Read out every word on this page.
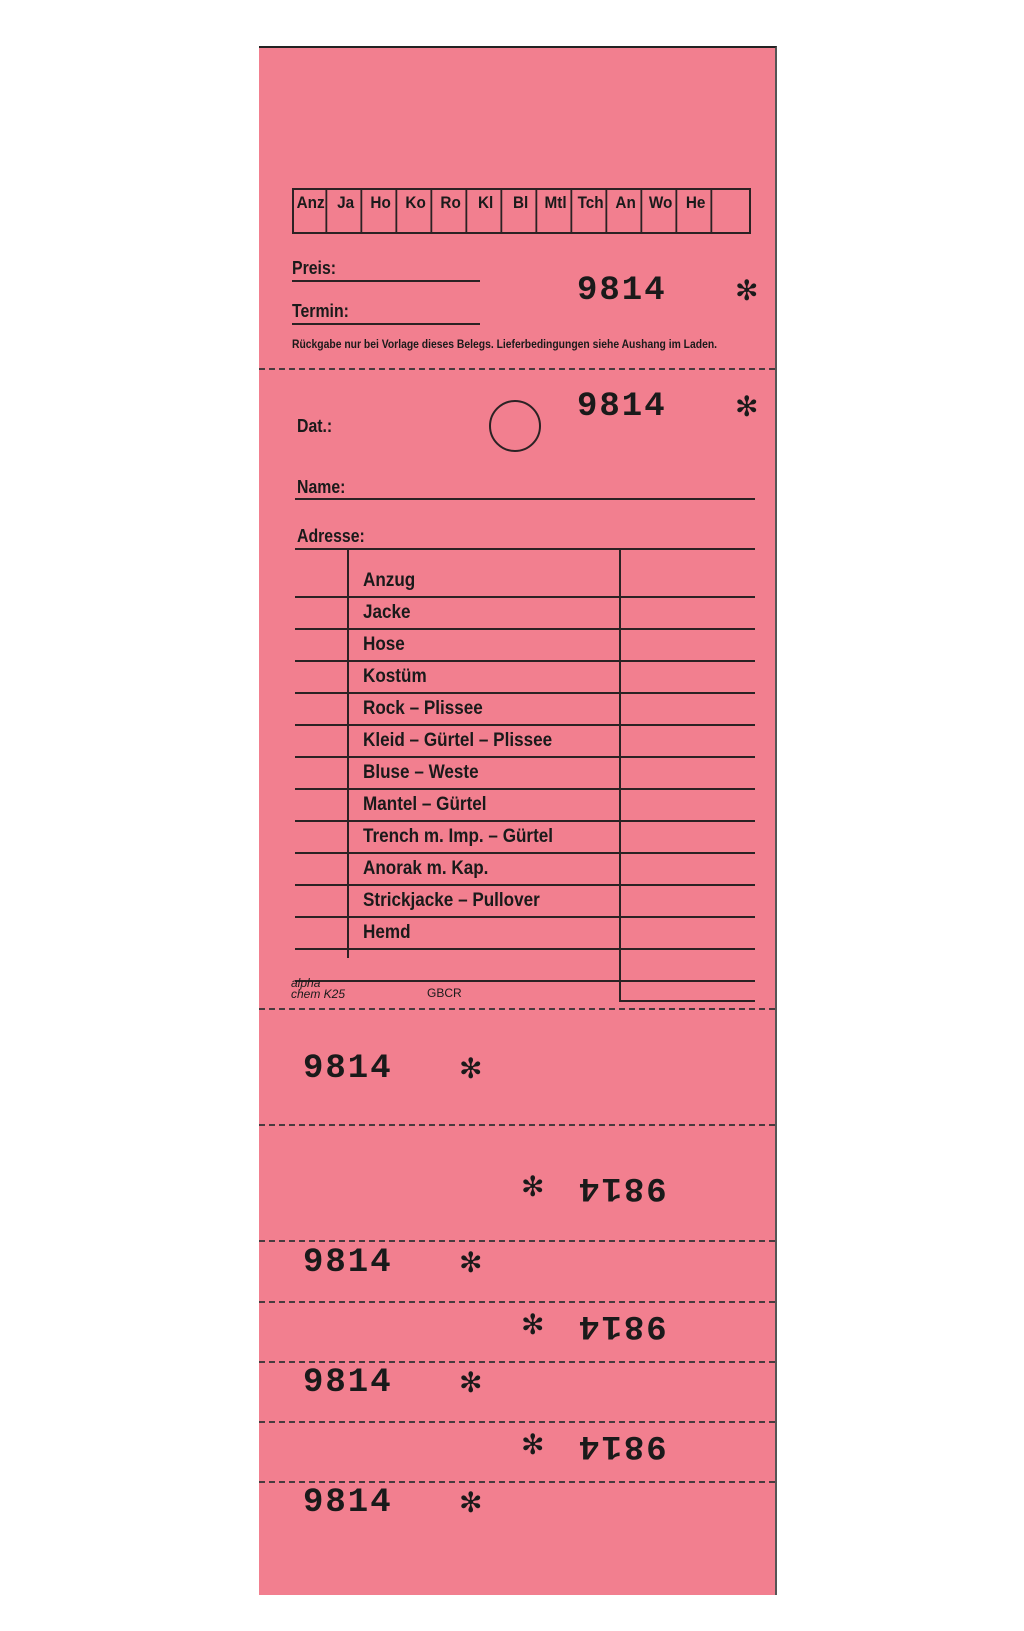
Anz Ja Ho Ko Ro	Kl	Bl Mtl Tch An Wo He
Preis:
Termin:
9814 ✻
Rückgabe nur bei Vorlage dieses Belegs. Lieferbedingungen siehe Aushang im Laden.
9814 ✻
Dat.:
Name:
Adresse:
Anzug
Jacke
Hose
Kostüm
Rock – Plissee
Kleid – Gürtel – Plissee
Bluse – Weste
Mantel – Gürtel
Trench m. Imp. – Gürtel
Anorak m. Kap.
Strickjacke – Pullover
Hemd
alpha
chem K25	GBCR
9814 ✻
9814
✻
9814 ✻
9814
✻
9814 ✻
9814
✻
9814 ✻
